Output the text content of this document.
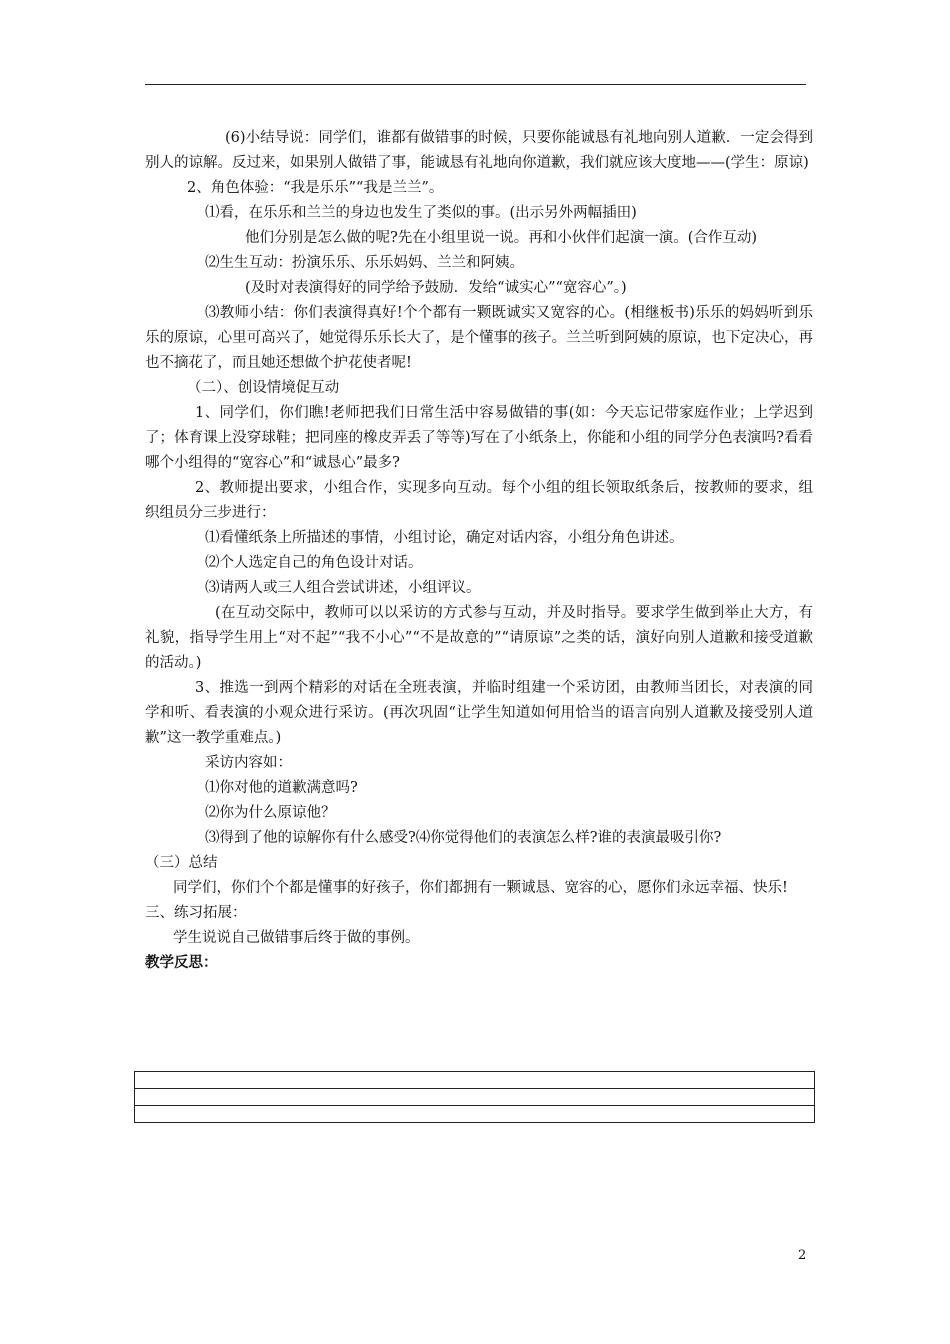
(6)小结导说：同学们，谁都有做错事的时候，只要你能诚恳有礼地向别人道歉．一定会得到别人的谅解。反过来，如果别人做错了事，能诚恳有礼地向你道歉，我们就应该大度地——(学生：原谅)

2、角色体验：“我是乐乐”“我是兰兰”。

⑴看，在乐乐和兰兰的身边也发生了类似的事。(出示另外两幅插田)

他们分别是怎么做的呢?先在小组里说一说。再和小伙伴们起演一演。(合作互动)

⑵生生互动：扮演乐乐、乐乐妈妈、兰兰和阿姨。

(及时对表演得好的同学给予鼓励．发给“诚实心”“宽容心”。)

⑶教师小结：你们表演得真好!个个都有一颗既诚实又宽容的心。(相继板书)乐乐的妈妈听到乐乐的原谅，心里可高兴了，她觉得乐乐长大了，是个懂事的孩子。兰兰听到阿姨的原谅，也下定决心，再也不摘花了，而且她还想做个护花使者呢!

（二）、创设情境促互动

1、同学们，你们瞧!老师把我们日常生活中容易做错的事(如：今天忘记带家庭作业；上学迟到了；体育课上没穿球鞋；把同座的橡皮弄丢了等等)写在了小纸条上，你能和小组的同学分色表演吗?看看哪个小组得的“宽容心”和“诚恳心”最多?

2、教师提出要求，小组合作，实现多向互动。每个小组的组长领取纸条后，按教师的要求，组织组员分三步进行：

⑴看懂纸条上所描述的事情，小组讨论，确定对话内容，小组分角色讲述。

⑵个人选定自己的角色设计对话。

⑶请两人或三人组合尝试讲述，小组评议。

(在互动交际中，教师可以以采访的方式参与互动，并及时指导。要求学生做到举止大方，有礼貌，指导学生用上“对不起”“我不小心”“不是故意的”“请原谅”之类的话，演好向别人道歉和接受道歉的活动。)

3、推选一到两个精彩的对话在全班表演，并临时组建一个采访团，由教师当团长，对表演的同学和听、看表演的小观众进行采访。(再次巩固“让学生知道如何用恰当的语言向别人道歉及接受别人道歉”这一教学重难点。)

采访内容如：

⑴你对他的道歉满意吗?

⑵你为什么原谅他？

⑶得到了他的谅解你有什么感受?⑷你觉得他们的表演怎么样?谁的表演最吸引你?

（三）总结

同学们，你们个个都是懂事的好孩子，你们都拥有一颗诚恳、宽容的心，愿你们永远幸福、快乐!

三、练习拓展：

学生说说自己做错事后终于做的事例。

教学反思：

2
